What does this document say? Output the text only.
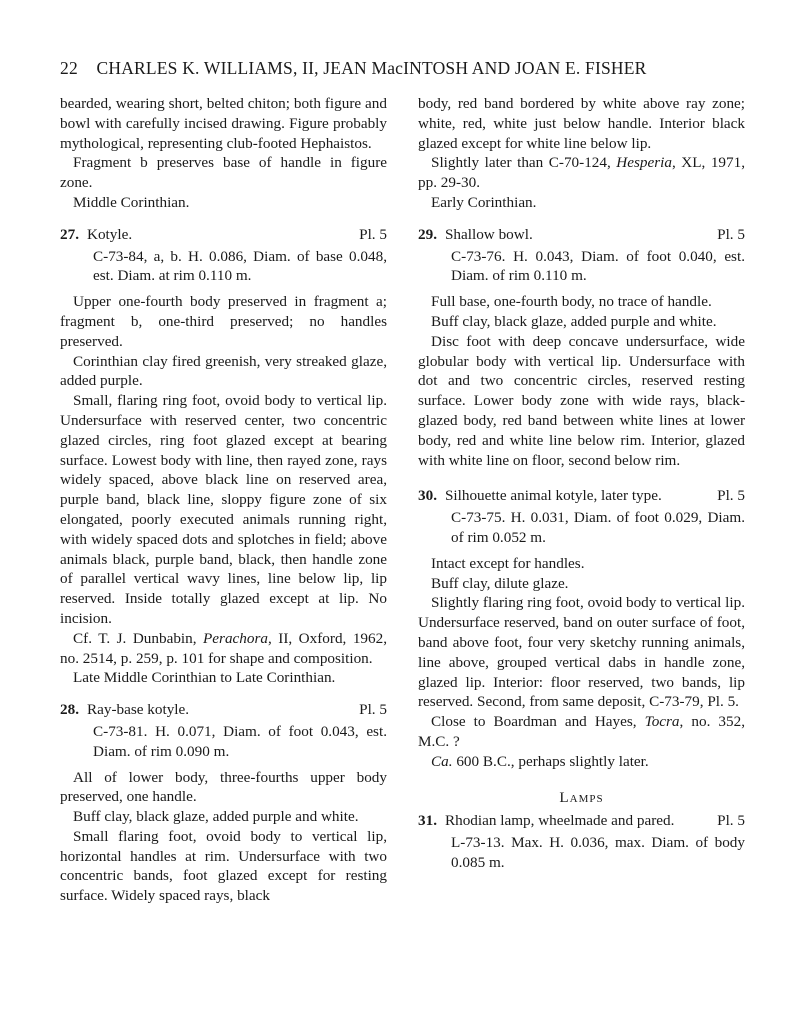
22 CHARLES K. WILLIAMS, II, JEAN MacINTOSH AND JOAN E. FISHER

bearded, wearing short, belted chiton; both figure and bowl with carefully incised drawing. Figure probably mythological, representing club-footed Hephaistos.

Fragment b preserves base of handle in figure zone.

Middle Corinthian.

27. Kotyle.	Pl. 5

C-73-84, a, b. H. 0.086, Diam. of base 0.048, est. Diam. at rim 0.110 m.

Upper one-fourth body preserved in fragment a; fragment b, one-third preserved; no handles preserved.

Corinthian clay fired greenish, very streaked glaze, added purple.

Small, flaring ring foot, ovoid body to vertical lip. Undersurface with reserved center, two concentric glazed circles, ring foot glazed except at bearing surface. Lowest body with line, then rayed zone, rays widely spaced, above black line on reserved area, purple band, black line, sloppy figure zone of six elongated, poorly executed animals running right, with widely spaced dots and splotches in field; above animals black, purple band, black, then handle zone of parallel vertical wavy lines, line below lip, lip reserved. Inside totally glazed except at lip. No incision.

Cf. T. J. Dunbabin, Perachora, II, Oxford, 1962, no. 2514, p. 259, p. 101 for shape and composition.

Late Middle Corinthian to Late Corinthian.

28. Ray-base kotyle.	Pl. 5

C-73-81. H. 0.071, Diam. of foot 0.043, est. Diam. of rim 0.090 m.

All of lower body, three-fourths upper body preserved, one handle.

Buff clay, black glaze, added purple and white.

Small flaring foot, ovoid body to vertical lip, horizontal handles at rim. Undersurface with two concentric bands, foot glazed except for resting surface. Widely spaced rays, black

body, red band bordered by white above ray zone; white, red, white just below handle. Interior black glazed except for white line below lip.

Slightly later than C-70-124, Hesperia, XL, 1971, pp. 29-30.

Early Corinthian.

29. Shallow bowl.	Pl. 5

C-73-76. H. 0.043, Diam. of foot 0.040, est. Diam. of rim 0.110 m.

Full base, one-fourth body, no trace of handle.

Buff clay, black glaze, added purple and white.

Disc foot with deep concave undersurface, wide globular body with vertical lip. Undersurface with dot and two concentric circles, reserved resting surface. Lower body zone with wide rays, black-glazed body, red band between white lines at lower body, red and white line below rim. Interior, glazed with white line on floor, second below rim.

30. Silhouette animal kotyle, later type.	Pl. 5

C-73-75. H. 0.031, Diam. of foot 0.029, Diam. of rim 0.052 m.

Intact except for handles.

Buff clay, dilute glaze.

Slightly flaring ring foot, ovoid body to vertical lip. Undersurface reserved, band on outer surface of foot, band above foot, four very sketchy running animals, line above, grouped vertical dabs in handle zone, glazed lip. Interior: floor reserved, two bands, lip reserved. Second, from same deposit, C-73-79, Pl. 5.

Close to Boardman and Hayes, Tocra, no. 352, M.C. ?

Ca. 600 B.C., perhaps slightly later.

Lamps

31. Rhodian lamp, wheelmade and pared.	Pl. 5

L-73-13. Max. H. 0.036, max. Diam. of body 0.085 m.
